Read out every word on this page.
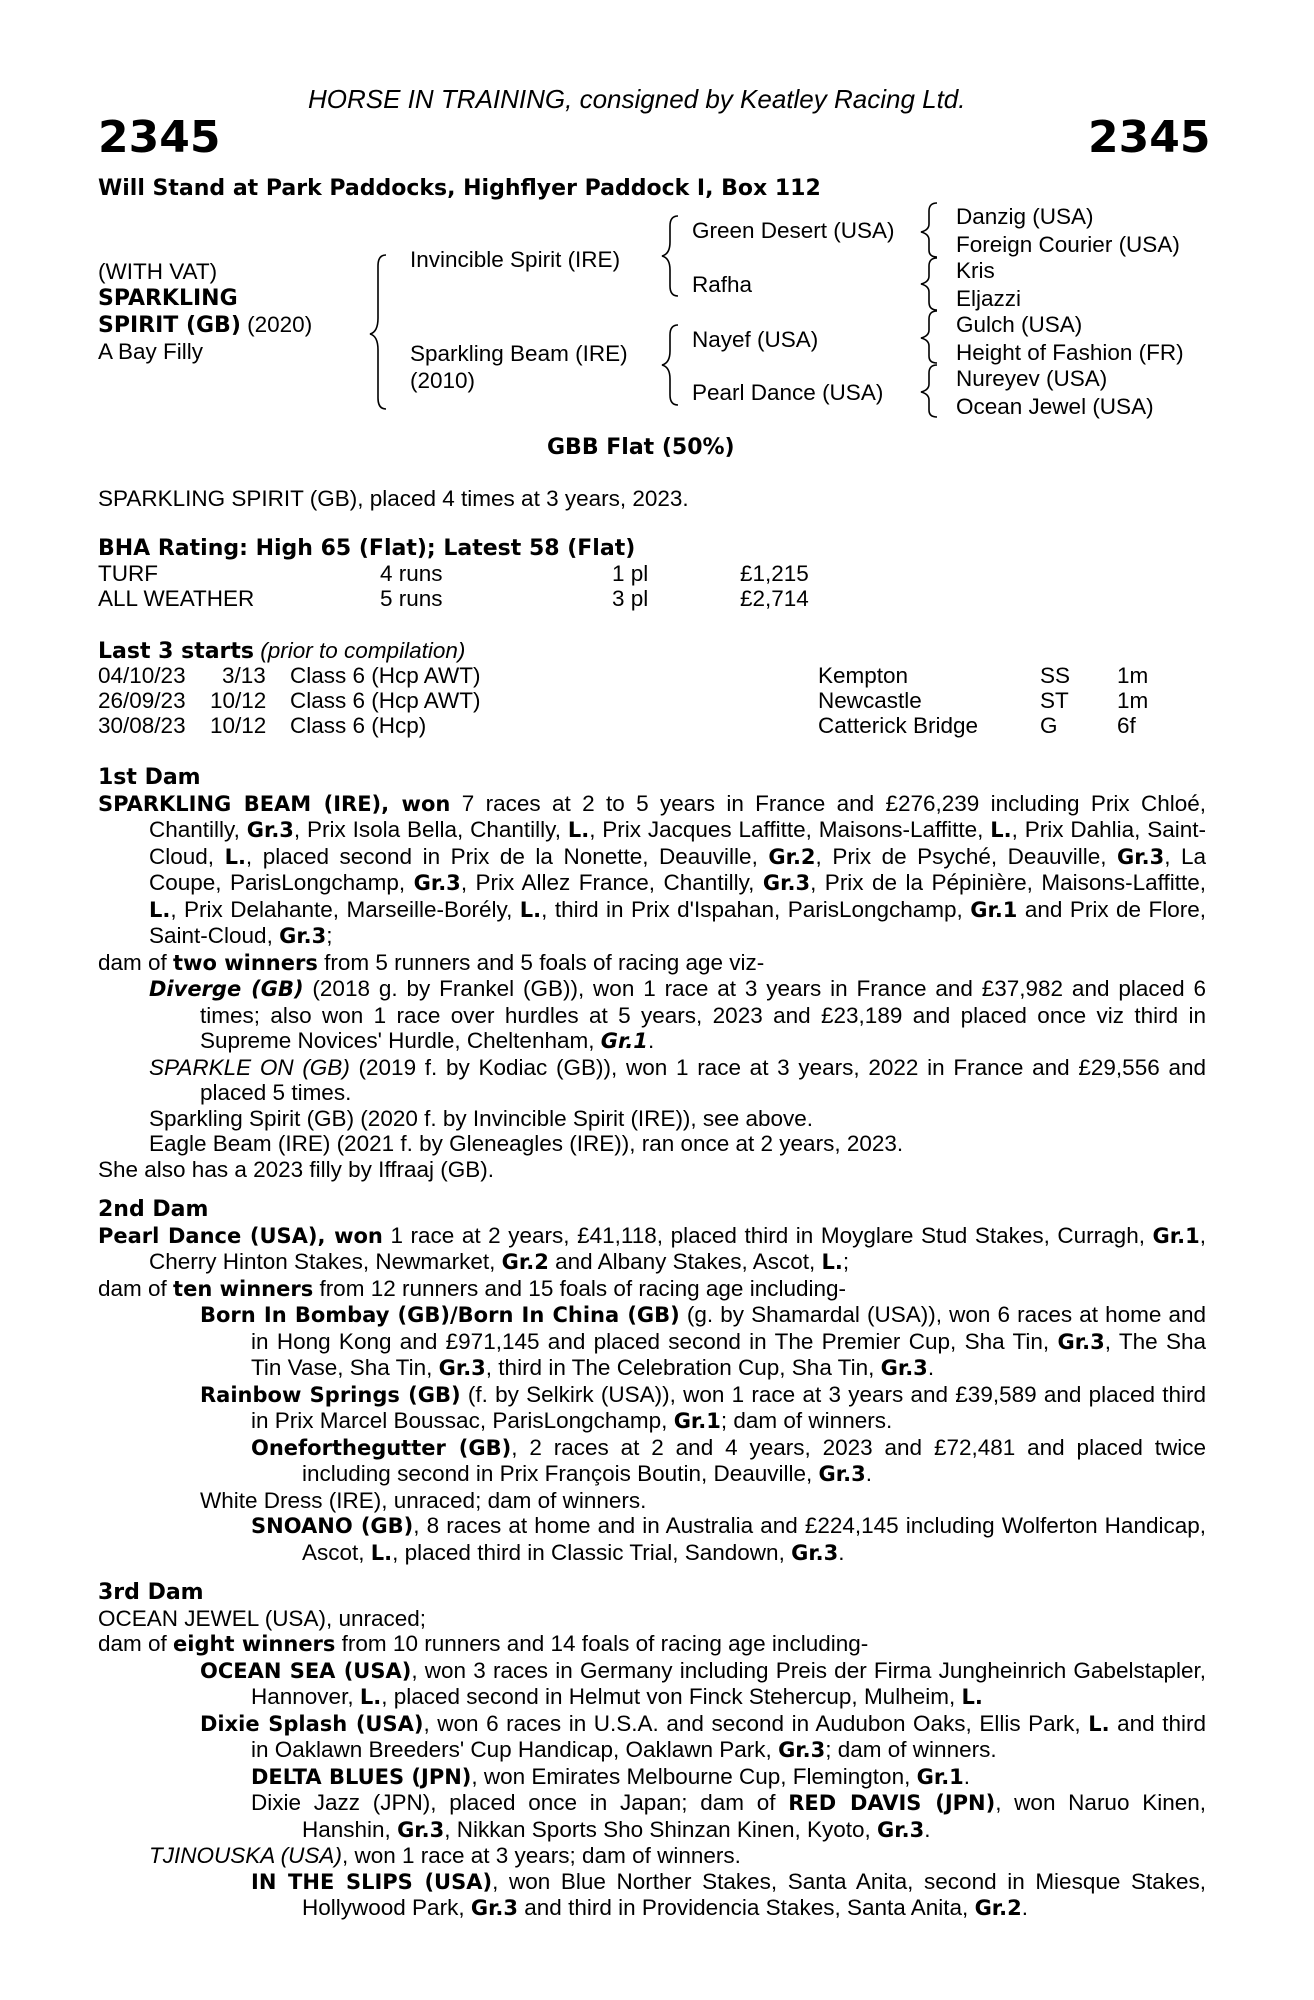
HORSE IN TRAINING, consigned by Keatley Racing Ltd.
2345	2345
Will Stand at Park Paddocks, Highflyer Paddock I, Box 112
(WITH VAT)
SPARKLING
SPIRIT (GB) (2020)
A Bay Filly
Invincible Spirit (IRE)
Sparkling Beam (IRE)
(2010)
Green Desert (USA)
Rafha
Nayef (USA)
Pearl Dance (USA)
Danzig (USA)
Foreign Courier (USA)
Kris
Eljazzi
Gulch (USA)
Height of Fashion (FR)
Nureyev (USA)
Ocean Jewel (USA)
GBB Flat (50%)
SPARKLING SPIRIT (GB), placed 4 times at 3 years, 2023.
BHA Rating: High 65 (Flat); Latest 58 (Flat)
TURF	4 runs	1 pl	£1,215
ALL WEATHER	5 runs	3 pl	£2,714
Last 3 starts (prior to compilation)
04/10/23 3/13 Class 6 (Hcp AWT)	Kempton	SS 1m
26/09/23 10/12 Class 6 (Hcp AWT)	Newcastle	ST 1m
30/08/23 10/12 Class 6 (Hcp)	Catterick Bridge	G	6f
1st Dam
SPARKLING BEAM (IRE), won 7 races at 2 to 5 years in France and £276,239 including Prix Chloé, Chantilly, Gr.3, Prix Isola Bella, Chantilly, L., Prix Jacques Laffitte, Maisons-Laffitte, L., Prix Dahlia, Saint-Cloud, L., placed second in Prix de la Nonette, Deauville, Gr.2, Prix de Psyché, Deauville, Gr.3, La Coupe, ParisLongchamp, Gr.3, Prix Allez France, Chantilly, Gr.3, Prix de la Pépinière, Maisons-Laffitte, L., Prix Delahante, Marseille-Borély, L., third in Prix d'Ispahan, ParisLongchamp, Gr.1 and Prix de Flore, Saint-Cloud, Gr.3;
dam of two winners from 5 runners and 5 foals of racing age viz-
Diverge (GB) (2018 g. by Frankel (GB)), won 1 race at 3 years in France and £37,982 and placed 6 times; also won 1 race over hurdles at 5 years, 2023 and £23,189 and placed once viz third in Supreme Novices' Hurdle, Cheltenham, Gr.1.
SPARKLE ON (GB) (2019 f. by Kodiac (GB)), won 1 race at 3 years, 2022 in France and £29,556 and placed 5 times.
Sparkling Spirit (GB) (2020 f. by Invincible Spirit (IRE)), see above.
Eagle Beam (IRE) (2021 f. by Gleneagles (IRE)), ran once at 2 years, 2023.
She also has a 2023 filly by Iffraaj (GB).
2nd Dam
Pearl Dance (USA), won 1 race at 2 years, £41,118, placed third in Moyglare Stud Stakes, Curragh, Gr.1, Cherry Hinton Stakes, Newmarket, Gr.2 and Albany Stakes, Ascot, L.;
dam of ten winners from 12 runners and 15 foals of racing age including-
Born In Bombay (GB)/Born In China (GB) (g. by Shamardal (USA)), won 6 races at home and in Hong Kong and £971,145 and placed second in The Premier Cup, Sha Tin, Gr.3, The Sha Tin Vase, Sha Tin, Gr.3, third in The Celebration Cup, Sha Tin, Gr.3.
Rainbow Springs (GB) (f. by Selkirk (USA)), won 1 race at 3 years and £39,589 and placed third in Prix Marcel Boussac, ParisLongchamp, Gr.1; dam of winners.
Oneforthegutter (GB), 2 races at 2 and 4 years, 2023 and £72,481 and placed twice including second in Prix François Boutin, Deauville, Gr.3.
White Dress (IRE), unraced; dam of winners.
SNOANO (GB), 8 races at home and in Australia and £224,145 including Wolferton Handicap, Ascot, L., placed third in Classic Trial, Sandown, Gr.3.
3rd Dam
OCEAN JEWEL (USA), unraced;
dam of eight winners from 10 runners and 14 foals of racing age including-
OCEAN SEA (USA), won 3 races in Germany including Preis der Firma Jungheinrich Gabelstapler, Hannover, L., placed second in Helmut von Finck Stehercup, Mulheim, L.
Dixie Splash (USA), won 6 races in U.S.A. and second in Audubon Oaks, Ellis Park, L. and third in Oaklawn Breeders' Cup Handicap, Oaklawn Park, Gr.3; dam of winners.
DELTA BLUES (JPN), won Emirates Melbourne Cup, Flemington, Gr.1.
Dixie Jazz (JPN), placed once in Japan; dam of RED DAVIS (JPN), won Naruo Kinen, Hanshin, Gr.3, Nikkan Sports Sho Shinzan Kinen, Kyoto, Gr.3.
TJINOUSKA (USA), won 1 race at 3 years; dam of winners.
IN THE SLIPS (USA), won Blue Norther Stakes, Santa Anita, second in Miesque Stakes, Hollywood Park, Gr.3 and third in Providencia Stakes, Santa Anita, Gr.2.
